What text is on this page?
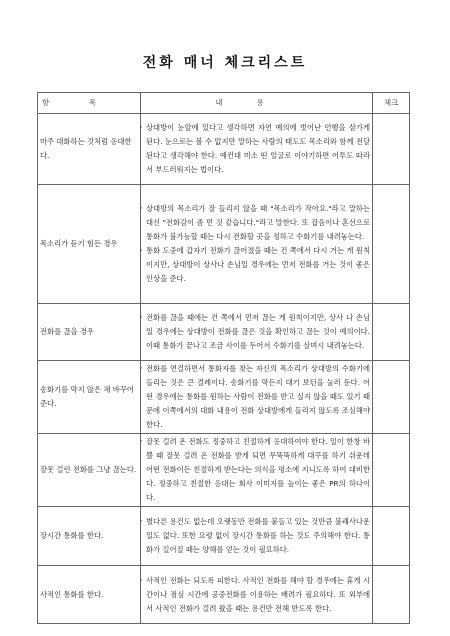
전화 매너 체크리스트
항목	내용	체크
마주 대화하는 것처럼 응대한다.	, 상대방이 눈앞에 있다고 생각하면 자연 예의에 벗어난 언행을 삼가게 된다. 눈으로는 볼 수 없지만 말하는 사람의 태도도 목소리와 함께 전달된다고 생각해야 한다. 예컨대 미소 띤 얼굴로 이야기하면 어투도 따라서 부드러워지는 법이다.

목소리가 듣기 힘든 경우	, 상대방의 목소리가 잘 들리지 않을 때 "목소리가 작아요."라고 말하는 대신 "전화감이 좀 먼 것 같습니다."라고 말한다. 또 잡음이나 혼선으로 통화가 불가능할 때는 다시 전화할 곳을 정하고 수화기를 내려놓는다.
, 통화 도중에 갑자기 전화가 끊어졌을 때는 건 쪽에서 다시 거는 게 원칙이지만, 상대방이 상사나 손님일 경우에는 먼저 전화를 거는 것이 좋은 인상을 준다.

전화를 끊을 경우	, 전화를 끊을 때에는 건 쪽에서 먼저 끊는 게 원칙이지만, 상사 나 손님일 경우에는 상대방이 전화를 끊은 것을 확인하고 끊는 것이 예의이다. 이때 통화가 끝나고 조금 사이를 두어서 수화기를 살며시 내려놓는다.

송화기를 막지 않은 채 바꾸어 준다.	, 전화를 연결하면서 통화자를 찾는 자신의 목소리가 상대방의 수화기에 들리는 것은 큰 결례이다. 송화기를 막든지 대기 보턴을 눌러 둔다. 어떤 경우에는 통화를 원하는 사람이 전화를 받고 싶지 않을 때도 있기 때문에 이쪽에서의 대화 내용이 전화 상대방에게 들리지 않도록 조심해야 한다.

잘못 걸린 전화를 그냥 끊는다.	, 잘못 걸려 온 전화도 정중하고 친절하게 응대하여야 한다. 일이 한창 바쁠 때 잘못 걸려 온 전화를 받게 되면 무뚝뚝하게 대꾸를 하기 쉬운데 어떤 전화이든 친절하게 받는다는 의식을 평소에 지니도록 하여 대비한다. 정중하고 친절한 응대는 회사 이미지를 높이는 좋은 PR의 하나이다.

장시간 통화를 한다.	, 별다른 용건도 없는데 오랫동안 전화를 붙들고 있는 것만큼 불쾌사나운 일도 없다. 또한 요령 없이 장시간 통화를 하는 것도 주의해야 한다. 통화가 길어질 때는 양해를 얻는 것이 필요하다.

사적인 통화를 한다.	, 사적인 전화는 되도록 피한다. 사적인 전화를 해야 할 경우에는 휴게 시간이나 점심 시간에 공중전화를 이용하는 배려가 필요하다. 또 외부에서 사적인 전화가 걸려 왔을 때는 용건만 전해 받도록 한다.
